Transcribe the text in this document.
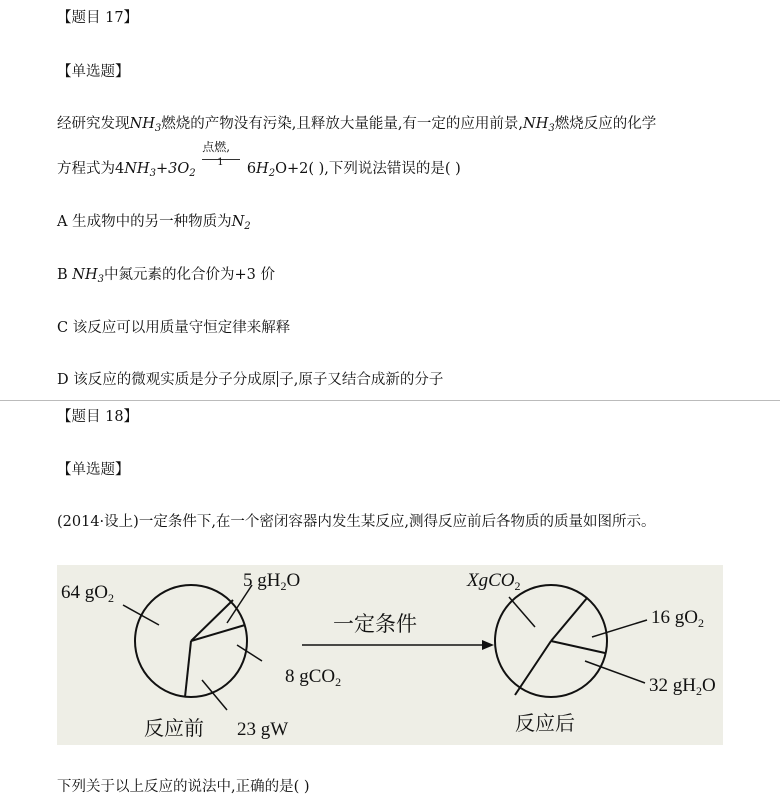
【题目 17】
【单选题】
经研究发现$NH_3$燃烧的产物没有污染,且释放大量能量,有一定的应用前景$,NH_3$燃烧反应的化学
方程式为$4NH_3+3O_2 \frac{\text{点燃,}}{1} 6H_2O+2$( ),下列说法错误的是( )
A 生成物中的另一种物质为$N_2$
B $NH_3$中氮元素的化合价为+3 价
C 该反应可以用质量守恒定律来解释
D 该反应的微观实质是分子分成原 子,原子又结合成新的分子
【题目 18】
【单选题】
(2014·设上)一定条件下,在一个密闭容器内发生某反应,测得反应前后各物质的质量如图所示。
64 $gO_2$
5 $gH_2O$
8 gCO$_2$
23 gW
反应前
一定条件
XgCO$_2$
16 $gO_2$
32 $gH_2O$
反应后
下列关于以上反应的说法中,正确的是( )
